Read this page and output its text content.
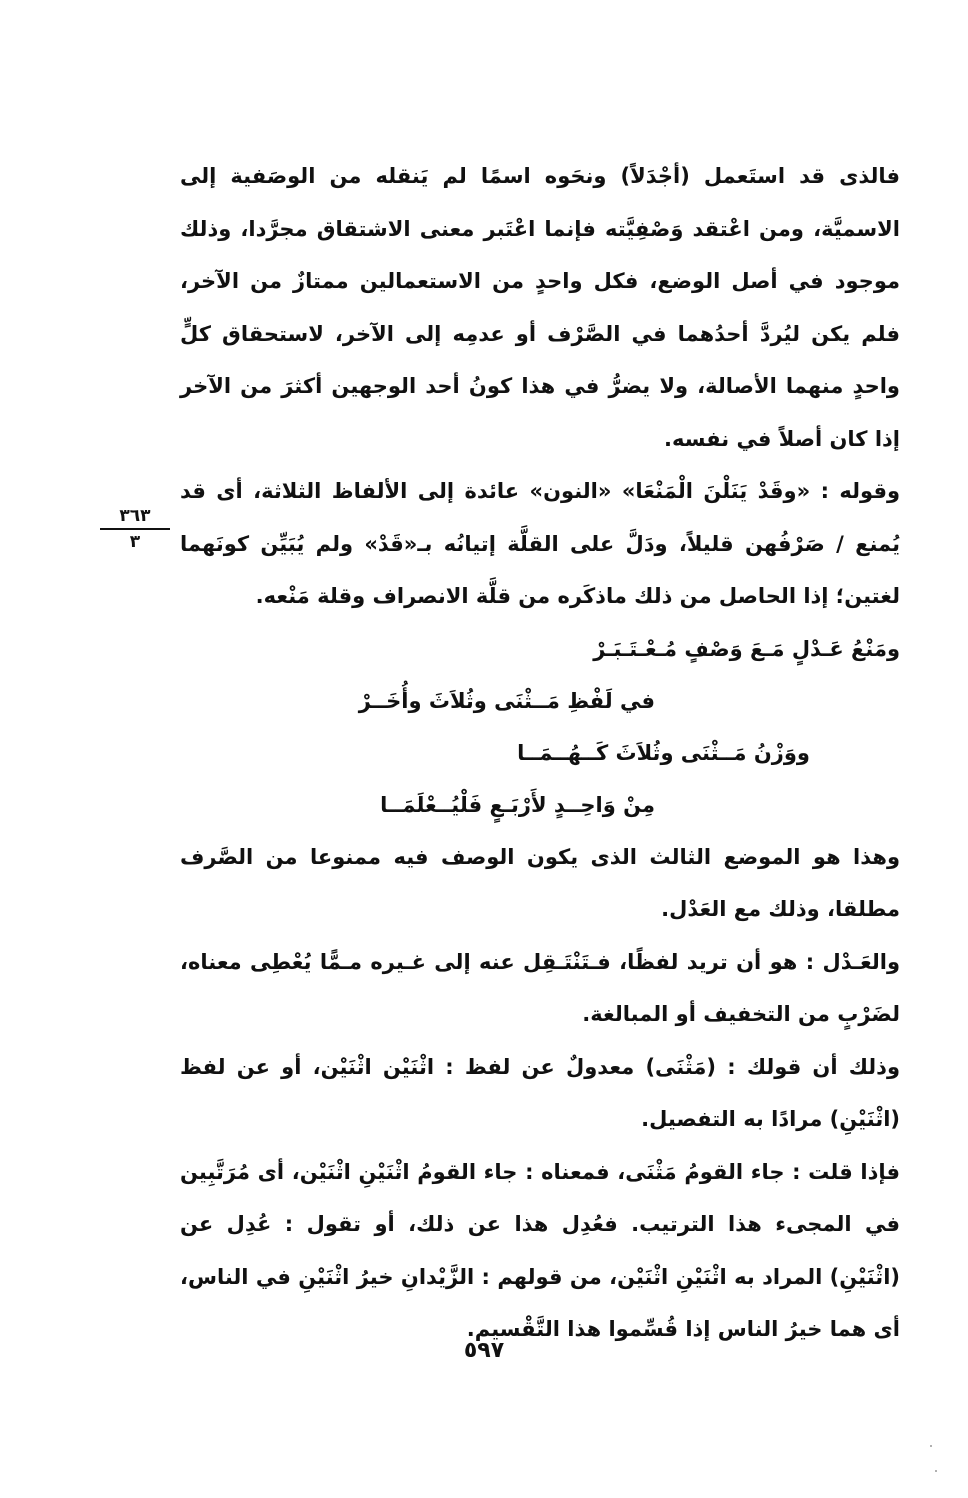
فالذى قد استَعمل (أجْدَلاً) ونحَوه اسمًا لم يَنقله من الوصَفية إلى الاسميَّة، ومن اعْتقد وَصْفِيَّته فإنما اعْتَبر معنى الاشتقاق مجرَّدا، وذلك موجود في أصل الوضع، فكل واحدٍ من الاستعمالين ممتازٌ من الآخر، فلم يكن ليُردَّ أحدُهما في الصَّرْف أو عدمِه إلى الآخر، لاستحقاق كلٍّ واحدٍ منهما الأصالة، ولا يضرُّ في هذا كونُ أحد الوجهين أكثرَ من الآخر إذا كان أصلاً في نفسه.

وقوله : «وقَدْ يَنَلْنَ الْمَنْعَا» «النون» عائدة إلى الألفاظ الثلاثة، أى قد يُمنع / صَرْفُهن قليلاً، ودَلَّ على القلَّة إتيانُه بـ«قَدْ» ولم يُبَيِّن كونَهما لغتين؛ إذا الحاصل من ذلك ماذكَره من قلَّة الانصراف وقلة مَنْعه.

ومَنْعُ عَـدْلٍ مَـعَ وَصْفٍ مُـعْـتَـبَـرْ
في لَفْظِ مَــثْنَى وثُلاَثَ وأُخَــرْ
ووَزْنُ مَــثْنَى وثُلاَثَ كَــهُــمَــا
مِنْ وَاحِــدٍ لأَرْبَـعٍ فَلْيُــعْلَمَــا

وهذا هو الموضع الثالث الذى يكون الوصف فيه ممنوعا من الصَّرف مطلقا، وذلك مع العَدْل.

والعَـدْل : هو أن تريد لفظًا، فـتَنْتَـقِل عنه إلى غـيره مـمًّا يُعْطِى معناه، لضَرْبٍ من التخفيف أو المبالغة.

وذلك أن قولك : (مَثْنَى) معدولٌ عن لفظ : اثْنَيْن اثْنَيْن، أو عن لفظ (اثْنَيْنِ) مرادًا به التفصيل.

فإذا قلت : جاء القومُ مَثْنَى، فمعناه : جاء القومُ اثْنَيْنِ اثْنَيْن، أى مُرَتَّبِين في المجىء هذا الترتيب. فعُدِل هذا عن ذلك، أو تقول : عُدِل عن (اثْنَيْنِ) المراد به اثْنَيْنِ اثْنَيْن، من قولهم : الزَّيْدانِ خيرُ اثْنَيْنِ في الناس، أى هما خيرُ الناس إذا قُسِّموا هذا التَّقْسيم.

٣٦٣
٣
٥٩٧
